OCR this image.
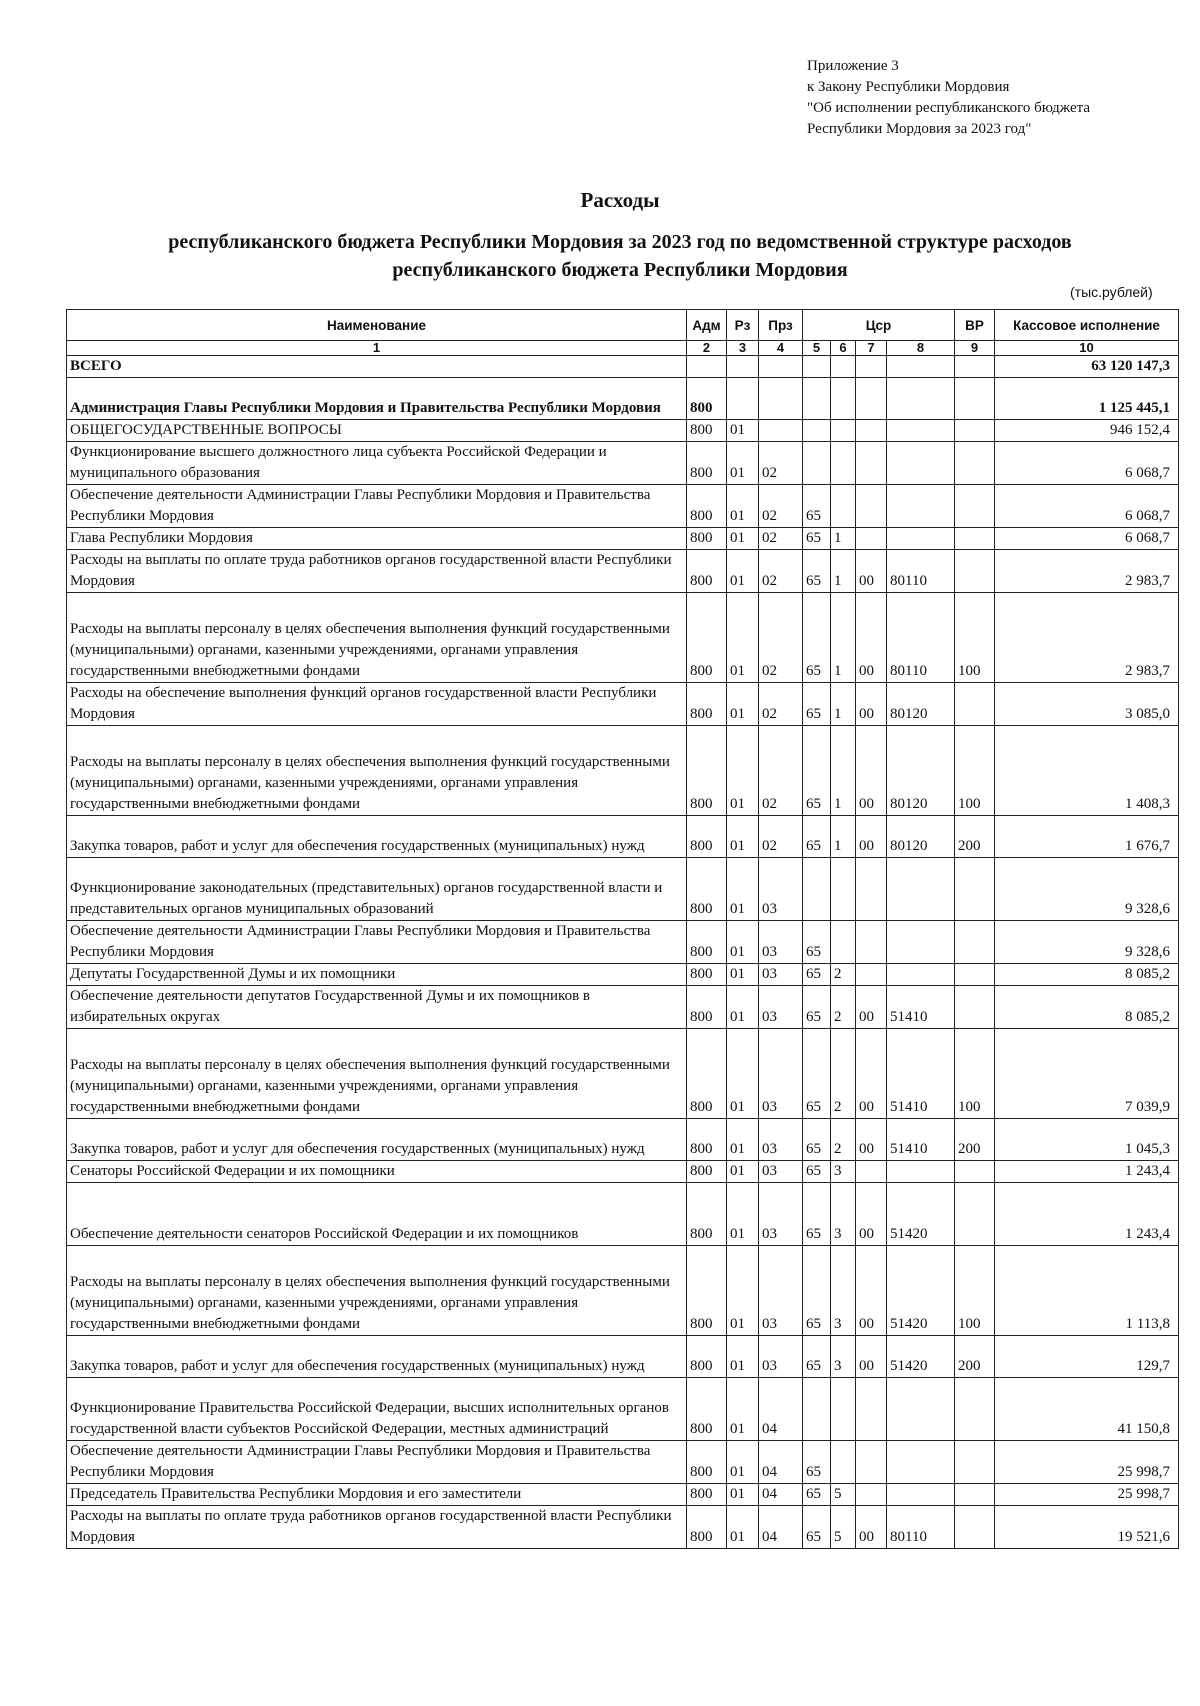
Приложение 3
к Закону Республики Мордовия
"Об исполнении республиканского бюджета
Республики Мордовия за 2023 год"
Расходы
республиканского бюджета Республики Мордовия за 2023 год по ведомственной структуре расходов
республиканского бюджета Республики Мордовия
(тыс.рублей)
Наименование	Адм	Рз	Прз	Цср				ВР	Кассовое исполнение
1	2	3	4	5	6	7	8	9	10
ВСЕГО									63 120 147,3
Администрация Главы Республики Мордовия и Правительства Республики Мордовия	800								1 125 445,1
ОБЩЕГОСУДАРСТВЕННЫЕ ВОПРОСЫ	800	01							946 152,4
Функционирование высшего должностного лица субъекта Российской Федерации и муниципального образования	800	01	02						6 068,7
Обеспечение деятельности Администрации Главы Республики Мордовия и Правительства Республики Мордовия	800	01	02	65					6 068,7
Глава Республики Мордовия	800	01	02	65	1				6 068,7
Расходы на выплаты по оплате труда работников органов государственной власти Республики Мордовия	800	01	02	65	1	00	80110		2 983,7
Расходы на выплаты персоналу в целях обеспечения выполнения функций государственными (муниципальными) органами, казенными учреждениями, органами управления государственными внебюджетными фондами	800	01	02	65	1	00	80110	100	2 983,7
Расходы на обеспечение выполнения функций органов государственной власти Республики Мордовия	800	01	02	65	1	00	80120		3 085,0
Расходы на выплаты персоналу в целях обеспечения выполнения функций государственными (муниципальными) органами, казенными учреждениями, органами управления государственными внебюджетными фондами	800	01	02	65	1	00	80120	100	1 408,3
Закупка товаров, работ и услуг для обеспечения государственных (муниципальных) нужд	800	01	02	65	1	00	80120	200	1 676,7
Функционирование законодательных (представительных) органов государственной власти и представительных органов муниципальных образований	800	01	03						9 328,6
Обеспечение деятельности Администрации Главы Республики Мордовия и Правительства Республики Мордовия	800	01	03	65					9 328,6
Депутаты Государственной Думы и их помощники	800	01	03	65	2				8 085,2
Обеспечение деятельности депутатов Государственной Думы и их помощников в избирательных округах	800	01	03	65	2	00	51410		8 085,2
Расходы на выплаты персоналу в целях обеспечения выполнения функций государственными (муниципальными) органами, казенными учреждениями, органами управления государственными внебюджетными фондами	800	01	03	65	2	00	51410	100	7 039,9
Закупка товаров, работ и услуг для обеспечения государственных (муниципальных) нужд	800	01	03	65	2	00	51410	200	1 045,3
Сенаторы Российской Федерации и их помощники	800	01	03	65	3				1 243,4
Обеспечение деятельности сенаторов Российской Федерации и их помощников	800	01	03	65	3	00	51420		1 243,4
Расходы на выплаты персоналу в целях обеспечения выполнения функций государственными (муниципальными) органами, казенными учреждениями, органами управления государственными внебюджетными фондами	800	01	03	65	3	00	51420	100	1 113,8
Закупка товаров, работ и услуг для обеспечения государственных (муниципальных) нужд	800	01	03	65	3	00	51420	200	129,7
Функционирование Правительства Российской Федерации, высших исполнительных органов государственной власти субъектов Российской Федерации, местных администраций	800	01	04						41 150,8
Обеспечение деятельности Администрации Главы Республики Мордовия и Правительства Республики Мордовия	800	01	04	65					25 998,7
Председатель Правительства Республики Мордовия и его заместители	800	01	04	65	5				25 998,7
Расходы на выплаты по оплате труда работников органов государственной власти Республики Мордовия	800	01	04	65	5	00	80110		19 521,6
